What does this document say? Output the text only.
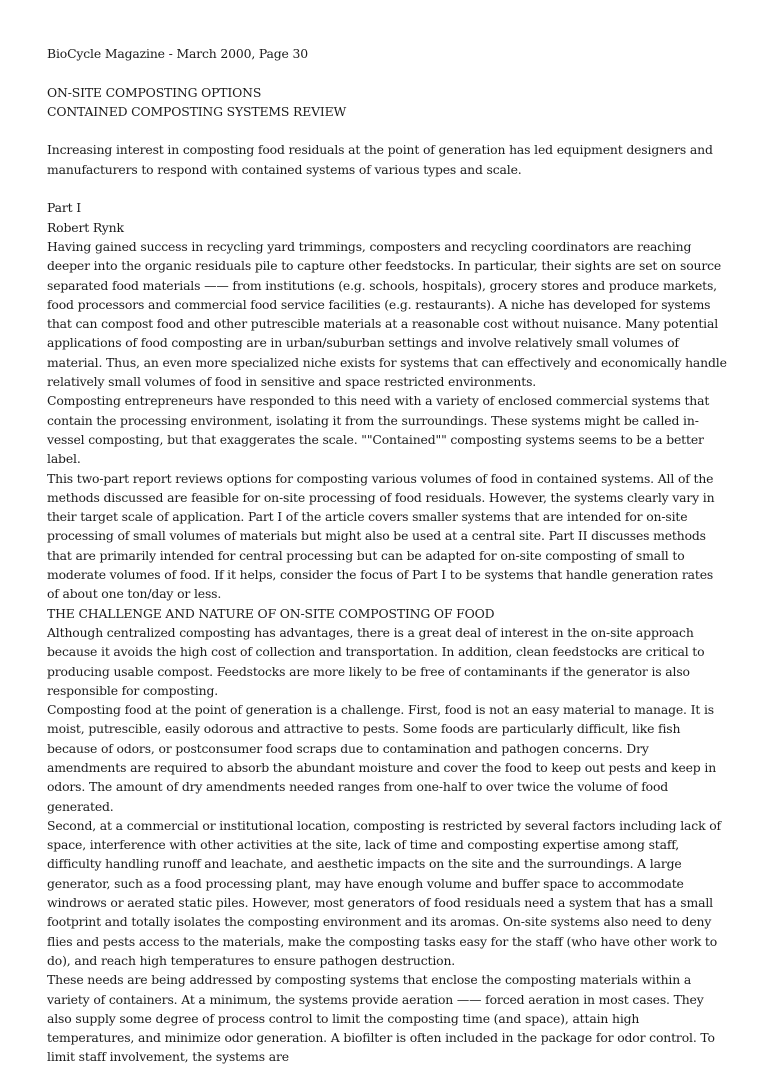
BioCycle Magazine - March 2000, Page 30

ON-SITE COMPOSTING OPTIONS

CONTAINED COMPOSTING SYSTEMS REVIEW

Increasing interest in composting food residuals at the point of generation has led equipment designers and manufacturers to respond with contained systems of various types and scale.

Part I

Robert Rynk

Having gained success in recycling yard trimmings, composters and recycling coordinators are reaching deeper into the organic residuals pile to capture other feedstocks. In particular, their sights are set on source separated food materials —— from institutions (e.g. schools, hospitals), grocery stores and produce markets, food processors and commercial food service facilities (e.g. restaurants). A niche has developed for systems that can compost food and other putrescible materials at a reasonable cost without nuisance. Many potential applications of food composting are in urban/suburban settings and involve relatively small volumes of material. Thus, an even more specialized niche exists for systems that can effectively and economically handle relatively small volumes of food in sensitive and space restricted environments.

Composting entrepreneurs have responded to this need with a variety of enclosed commercial systems that contain the processing environment, isolating it from the surroundings. These systems might be called in-vessel composting, but that exaggerates the scale. ""Contained"" composting systems seems to be a better label.

This two-part report reviews options for composting various volumes of food in contained systems. All of the methods discussed are feasible for on-site processing of food residuals. However, the systems clearly vary in their target scale of application. Part I of the article covers smaller systems that are intended for on-site processing of small volumes of materials but might also be used at a central site. Part II discusses methods that are primarily intended for central processing but can be adapted for on-site composting of small to moderate volumes of food. If it helps, consider the focus of Part I to be systems that handle generation rates of about one ton/day or less.

THE CHALLENGE AND NATURE OF ON-SITE COMPOSTING OF FOOD

Although centralized composting has advantages, there is a great deal of interest in the on-site approach because it avoids the high cost of collection and transportation. In addition, clean feedstocks are critical to producing usable compost. Feedstocks are more likely to be free of contaminants if the generator is also responsible for composting.

Composting food at the point of generation is a challenge. First, food is not an easy material to manage. It is moist, putrescible, easily odorous and attractive to pests. Some foods are particularly difficult, like fish because of odors, or postconsumer food scraps due to contamination and pathogen concerns. Dry amendments are required to absorb the abundant moisture and cover the food to keep out pests and keep in odors. The amount of dry amendments needed ranges from one-half to over twice the volume of food generated.

Second, at a commercial or institutional location, composting is restricted by several factors including lack of space, interference with other activities at the site, lack of time and composting expertise among staff, difficulty handling runoff and leachate, and aesthetic impacts on the site and the surroundings. A large generator, such as a food processing plant, may have enough volume and buffer space to accommodate windrows or aerated static piles. However, most generators of food residuals need a system that has a small footprint and totally isolates the composting environment and its aromas. On-site systems also need to deny flies and pests access to the materials, make the composting tasks easy for the staff (who have other work to do), and reach high temperatures to ensure pathogen destruction.

These needs are being addressed by composting systems that enclose the composting materials within a variety of containers. At a minimum, the systems provide aeration —— forced aeration in most cases. They also supply some degree of process control to limit the composting time (and space), attain high temperatures, and minimize odor generation. A biofilter is often included in the package for odor control. To limit staff involvement, the systems are
